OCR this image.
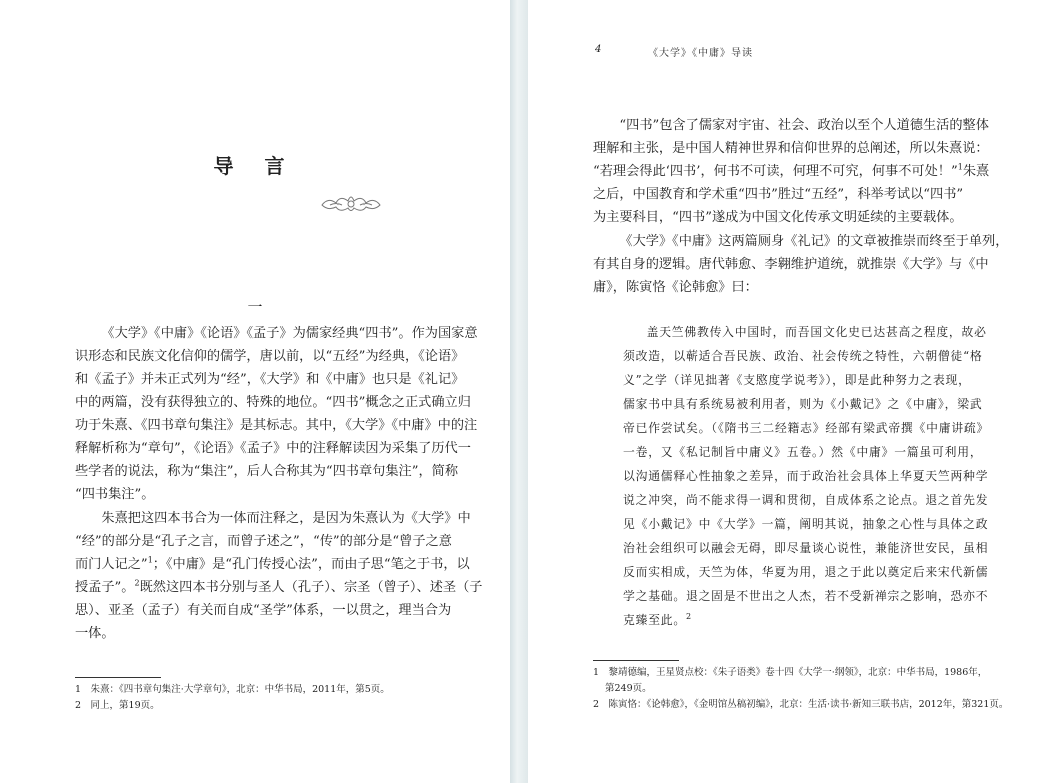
导 言
一
《大学》《中庸》《论语》《孟子》为儒家经典“四书”。作为国家意
识形态和民族文化信仰的儒学，唐以前，以“五经”为经典，《论语》
和《孟子》并未正式列为“经”，《大学》和《中庸》也只是《礼记》
中的两篇，没有获得独立的、特殊的地位。“四书”概念之正式确立归
功于朱熹、《四书章句集注》是其标志。其中，《大学》《中庸》中的注
释解析称为“章句”，《论语》《孟子》中的注释解读因为采集了历代一
些学者的说法，称为“集注”，后人合称其为“四书章句集注”，简称
“四书集注”。
朱熹把这四本书合为一体而注释之，是因为朱熹认为《大学》中
“经”的部分是“孔子之言，而曾子述之”，“传”的部分是“曾子之意
而门人记之”$^1$；《中庸》是“孔门传授心法”，而由子思“笔之于书，以
授孟子”。$^2$既然这四本书分别与圣人（孔子）、宗圣（曾子）、述圣（子
思）、亚圣（孟子）有关而自成“圣学”体系，一以贯之，理当合为
一体。
1　朱熹：《四书章句集注·大学章句》，北京：中华书局，2011年，第5页。
2　同上，第19页。
4	《大学》《中庸》导读
“四书”包含了儒家对宇宙、社会、政治以至个人道德生活的整体
理解和主张，是中国人精神世界和信仰世界的总阐述，所以朱熹说：
“若理会得此‘四书’，何书不可读，何理不可究，何事不可处！”$^1$朱熹
之后，中国教育和学术重“四书”胜过“五经”，科举考试以“四书”
为主要科目，“四书”遂成为中国文化传承文明延续的主要载体。
《大学》《中庸》这两篇厕身《礼记》的文章被推崇而终至于单列，
有其自身的逻辑。唐代韩愈、李翱维护道统，就推崇《大学》与《中
庸》，陈寅恪《论韩愈》曰：
盖天竺佛教传入中国时，而吾国文化史已达甚高之程度，故必
须改造，以蕲适合吾民族、政治、社会传统之特性，六朝僧徒“格
义”之学（详见拙著《支愍度学说考》），即是此种努力之表现，
儒家书中具有系统易被利用者，则为《小戴记》之《中庸》，梁武
帝已作尝试矣。（《隋书三二经籍志》经部有梁武帝撰《中庸讲疏》
一卷，又《私记制旨中庸义》五卷。）然《中庸》一篇虽可利用，
以沟通儒释心性抽象之差异，而于政治社会具体上华夏天竺两种学
说之冲突，尚不能求得一调和贯彻，自成体系之论点。退之首先发
见《小戴记》中《大学》一篇，阐明其说，抽象之心性与具体之政
治社会组织可以融会无碍，即尽量谈心说性，兼能济世安民，虽相
反而实相成，天竺为体，华夏为用，退之于此以奠定后来宋代新儒
学之基础。退之固是不世出之人杰，若不受新禅宗之影响，恐亦不
克臻至此。$^2$
1　黎靖德编，王星贤点校：《朱子语类》卷十四《大学一·纲领》，北京：中华书局，1986年，
第249页。
2　陈寅恪：《论韩愈》，《金明馆丛稿初编》，北京：生活·读书·新知三联书店，2012年，第321页。
